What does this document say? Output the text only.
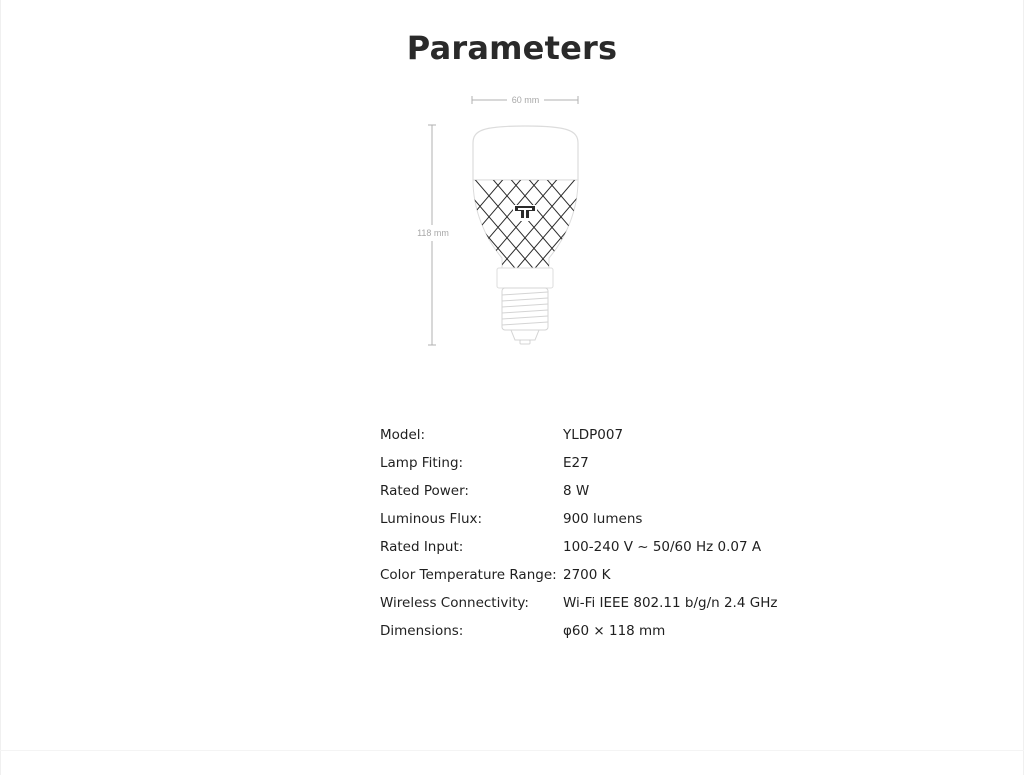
Parameters
60 mm
118 mm
Model:	YLDP007
Lamp Fiting:	E27
Rated Power:	8 W
Luminous Flux:	900 lumens
Rated Input:	100-240 V ~ 50/60 Hz 0.07 A
Color Temperature Range:	2700 K
Wireless Connectivity:	Wi-Fi IEEE 802.11 b/g/n 2.4 GHz
Dimensions:	φ60 × 118 mm
